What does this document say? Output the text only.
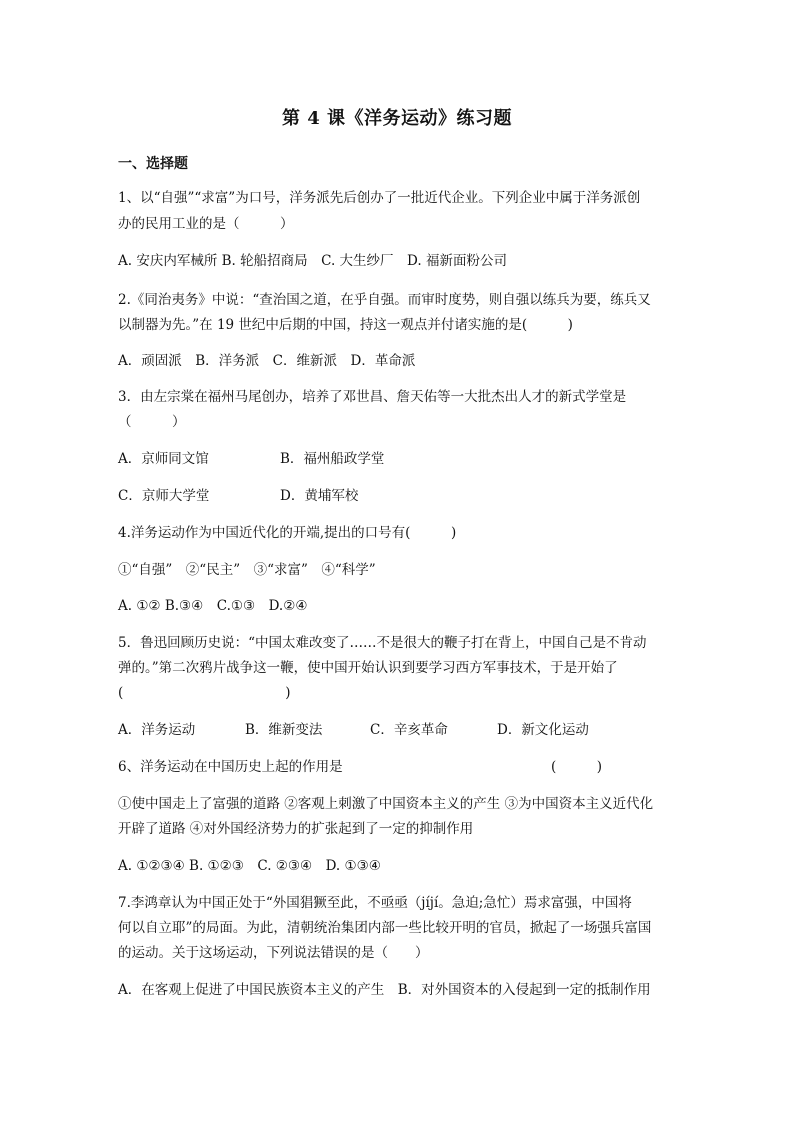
第 4 课《洋务运动》练习题
一、选择题
1、以“自强”“求富”为口号，洋务派先后创办了一批近代企业。下列企业中属于洋务派创
办的民用工业的是（　　　）
A. 安庆内军械所 B. 轮船招商局　C. 大生纱厂　D. 福新面粉公司
2.《同治夷务》中说：“查治国之道，在乎自强。而审时度势，则自强以练兵为要，练兵又
以制器为先。”在 19 世纪中后期的中国，持这一观点并付诸实施的是(　　　)
A．顽固派　B．洋务派　C．维新派　D．革命派
3．由左宗棠在福州马尾创办，培养了邓世昌、詹天佑等一大批杰出人才的新式学堂是
（　　　）
A．京师同文馆	B．福州船政学堂
C．京师大学堂	D．黄埔军校
4.洋务运动作为中国近代化的开端,提出的口号有(　　　)
①“自强”　②“民主”　③“求富”　④“科学”
A. ①② B.③④　C.①③　D.②④
5．鲁迅回顾历史说：“中国太难改变了……不是很大的鞭子打在背上，中国自己是不肯动
弹的。”第二次鸦片战争这一鞭，使中国开始认识到要学习西方军事技术，于是开始了
(　　　　　　　　　　　　)
A．洋务运动	B．维新变法	C．辛亥革命	D．新文化运动
6、洋务运动在中国历史上起的作用是	(　　　)
①使中国走上了富强的道路 ②客观上刺激了中国资本主义的产生 ③为中国资本主义近代化
开辟了道路 ④对外国经济势力的扩张起到了一定的抑制作用
A. ①②③④ B. ①②③　C. ②③④　D. ①③④
7.李鸿章认为中国正处于“外国猖獗至此，不亟亟（jíjí。急迫;急忙）焉求富强，中国将
何以自立耶”的局面。为此，清朝统治集团内部一些比较开明的官员，掀起了一场强兵富国
的运动。关于这场运动，下列说法错误的是（　　）
A．在客观上促进了中国民族资本主义的产生　B．对外国资本的入侵起到一定的抵制作用
